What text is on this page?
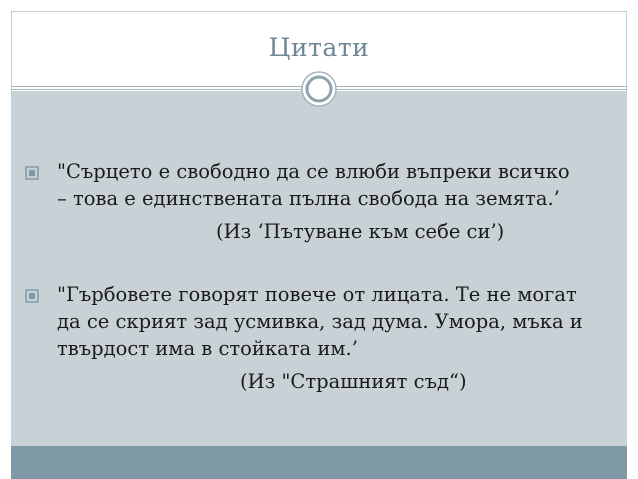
Цитати
"Сърцето е свободно да се влюби въпреки всичко
– това е единствената пълна свобода на земята.’
(Из ‘Пътуване към себе си’)
"Гърбовете говорят повече от лицата. Те не могат
да се скрият зад усмивка, зад дума. Умора, мъка и
твърдост има в стойката им.’
(Из "Страшният съд“)
